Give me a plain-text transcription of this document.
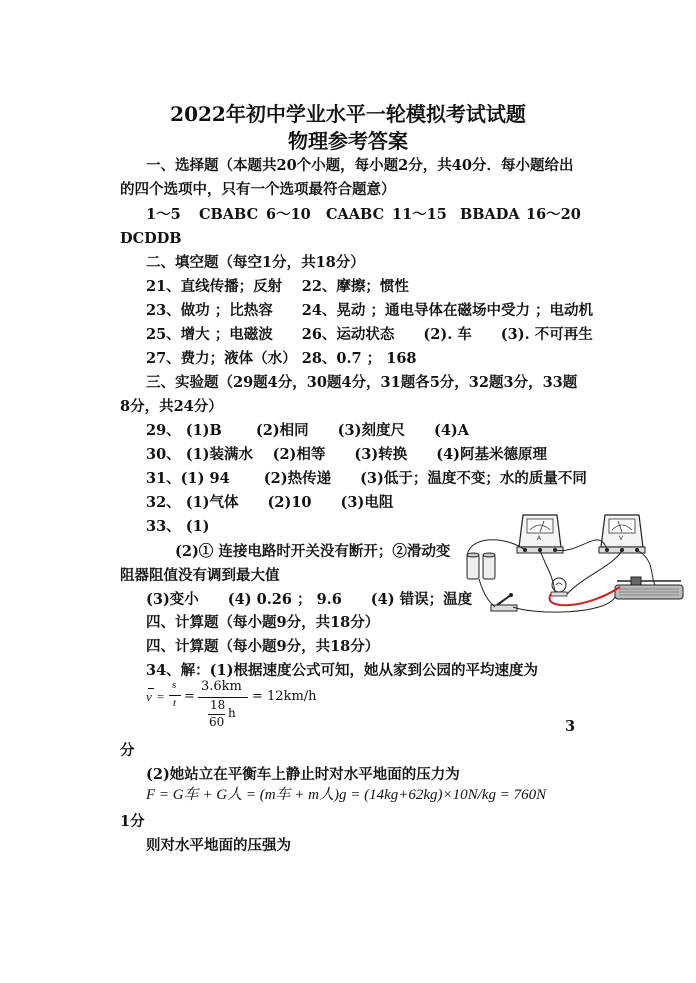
2022年初中学业水平一轮模拟考试试题
物理参考答案
一、选择题（本题共20个小题，每小题2分，共40分．每小题给出
的四个选项中，只有一个选项最符合题意）
1～5 CBABC 6～10 CAABC 11～15 BBADA 16～20
DCDDB
二、填空题（每空1分，共18分）
21、直线传播；反射　 22、摩擦；惯性
23、做功 ；比热容　　24、晃动 ；通电导体在磁场中受力 ；电动机
25、增大 ；电磁波　　26、运动状态　　(2). 车　　(3). 不可再生
27、费力；液体（水） 28、0.7 ； 168
三、实验题（29题4分，30题4分，31题各5分，32题3分，33题
8分，共24分）
29、 (1)B　　 (2)相同　　(3)刻度尺　　(4)A
30、 (1)装满水　 (2)相等　　(3)转换　　(4)阿基米德原理
31、(1) 94　　 (2)热传递　　(3)低于；温度不变；水的质量不同
32、 (1)气体　　(2)10　　(3)电阻
33、 (1)
(2)① 连接电路时开关没有断开；②滑动变
阻器阻值没有调到最大值
(3)变小　　(4) 0.26 ； 9.6　　(4) 错误；温度
四、计算题（每小题9分，共18分）
四、计算题（每小题9分，共18分）
34、解：(1)根据速度公式可知，她从家到公园的平均速度为
v =
s
t =
3.6km
18
60
h
= 12km/h
3
分
(2)她站立在平衡车上静止时对水平地面的压力为
F = G车 + G人 = (m车 + m人)g = (14kg+62kg)×10N/kg = 760N
1分
则对水平地面的压强为
A	V
